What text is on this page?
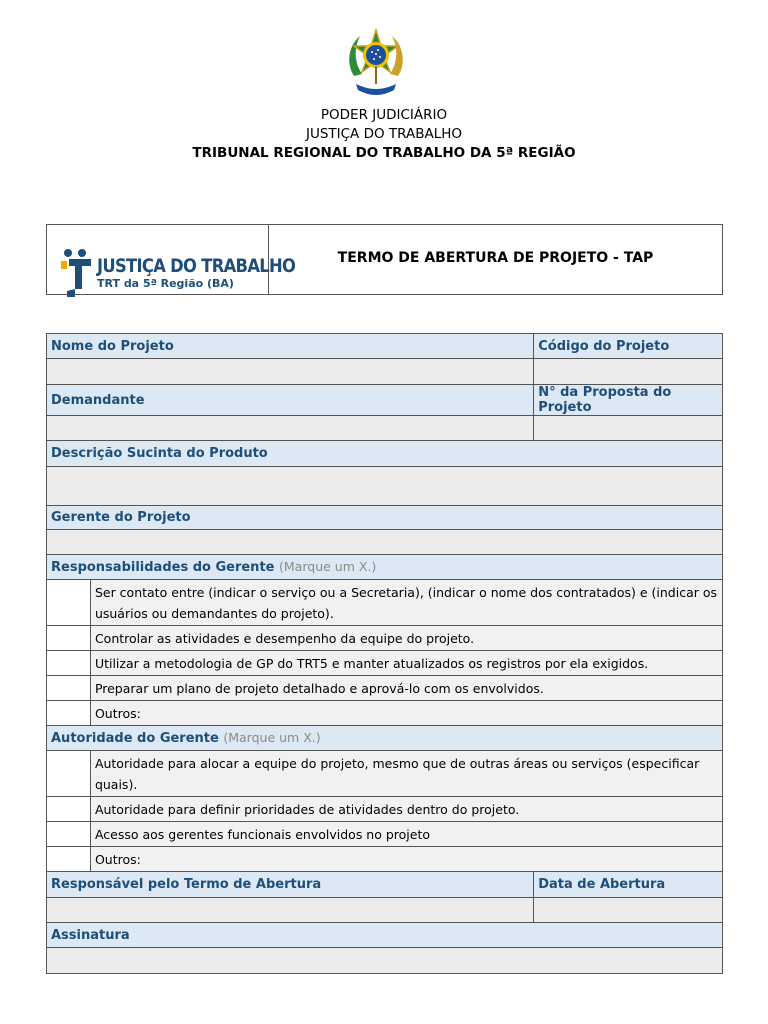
PODER JUDICIÁRIO
JUSTIÇA DO TRABALHO
TRIBUNAL REGIONAL DO TRABALHO DA 5ª REGIÃO
JUSTIÇA DO TRABALHO
TRT da 5ª Região (BA)
TERMO DE ABERTURA DE PROJETO - TAP
Nome do Projeto		Código do Projeto

Demandante		N° da Proposta do Projeto

Descrição Sucinta do Produto		

Gerente do Projeto		

Responsabilidades do Gerente (Marque um X.)		
	Ser contato entre (indicar o serviço ou a Secretaria), (indicar o nome dos contratados) e (indicar os usuários ou demandantes do projeto).	
	Controlar as atividades e desempenho da equipe do projeto.	
	Utilizar a metodologia de GP do TRT5 e manter atualizados os registros por ela exigidos.	
	Preparar um plano de projeto detalhado e aprová-lo com os envolvidos.	
	Outros:	
Autoridade do Gerente (Marque um X.)		
	Autoridade para alocar a equipe do projeto, mesmo que de outras áreas ou serviços (especificar quais).	
	Autoridade para definir prioridades de atividades dentro do projeto.	
	Acesso aos gerentes funcionais envolvidos no projeto	
	Outros:	
Responsável pelo Termo de Abertura		Data de Abertura

Assinatura		
